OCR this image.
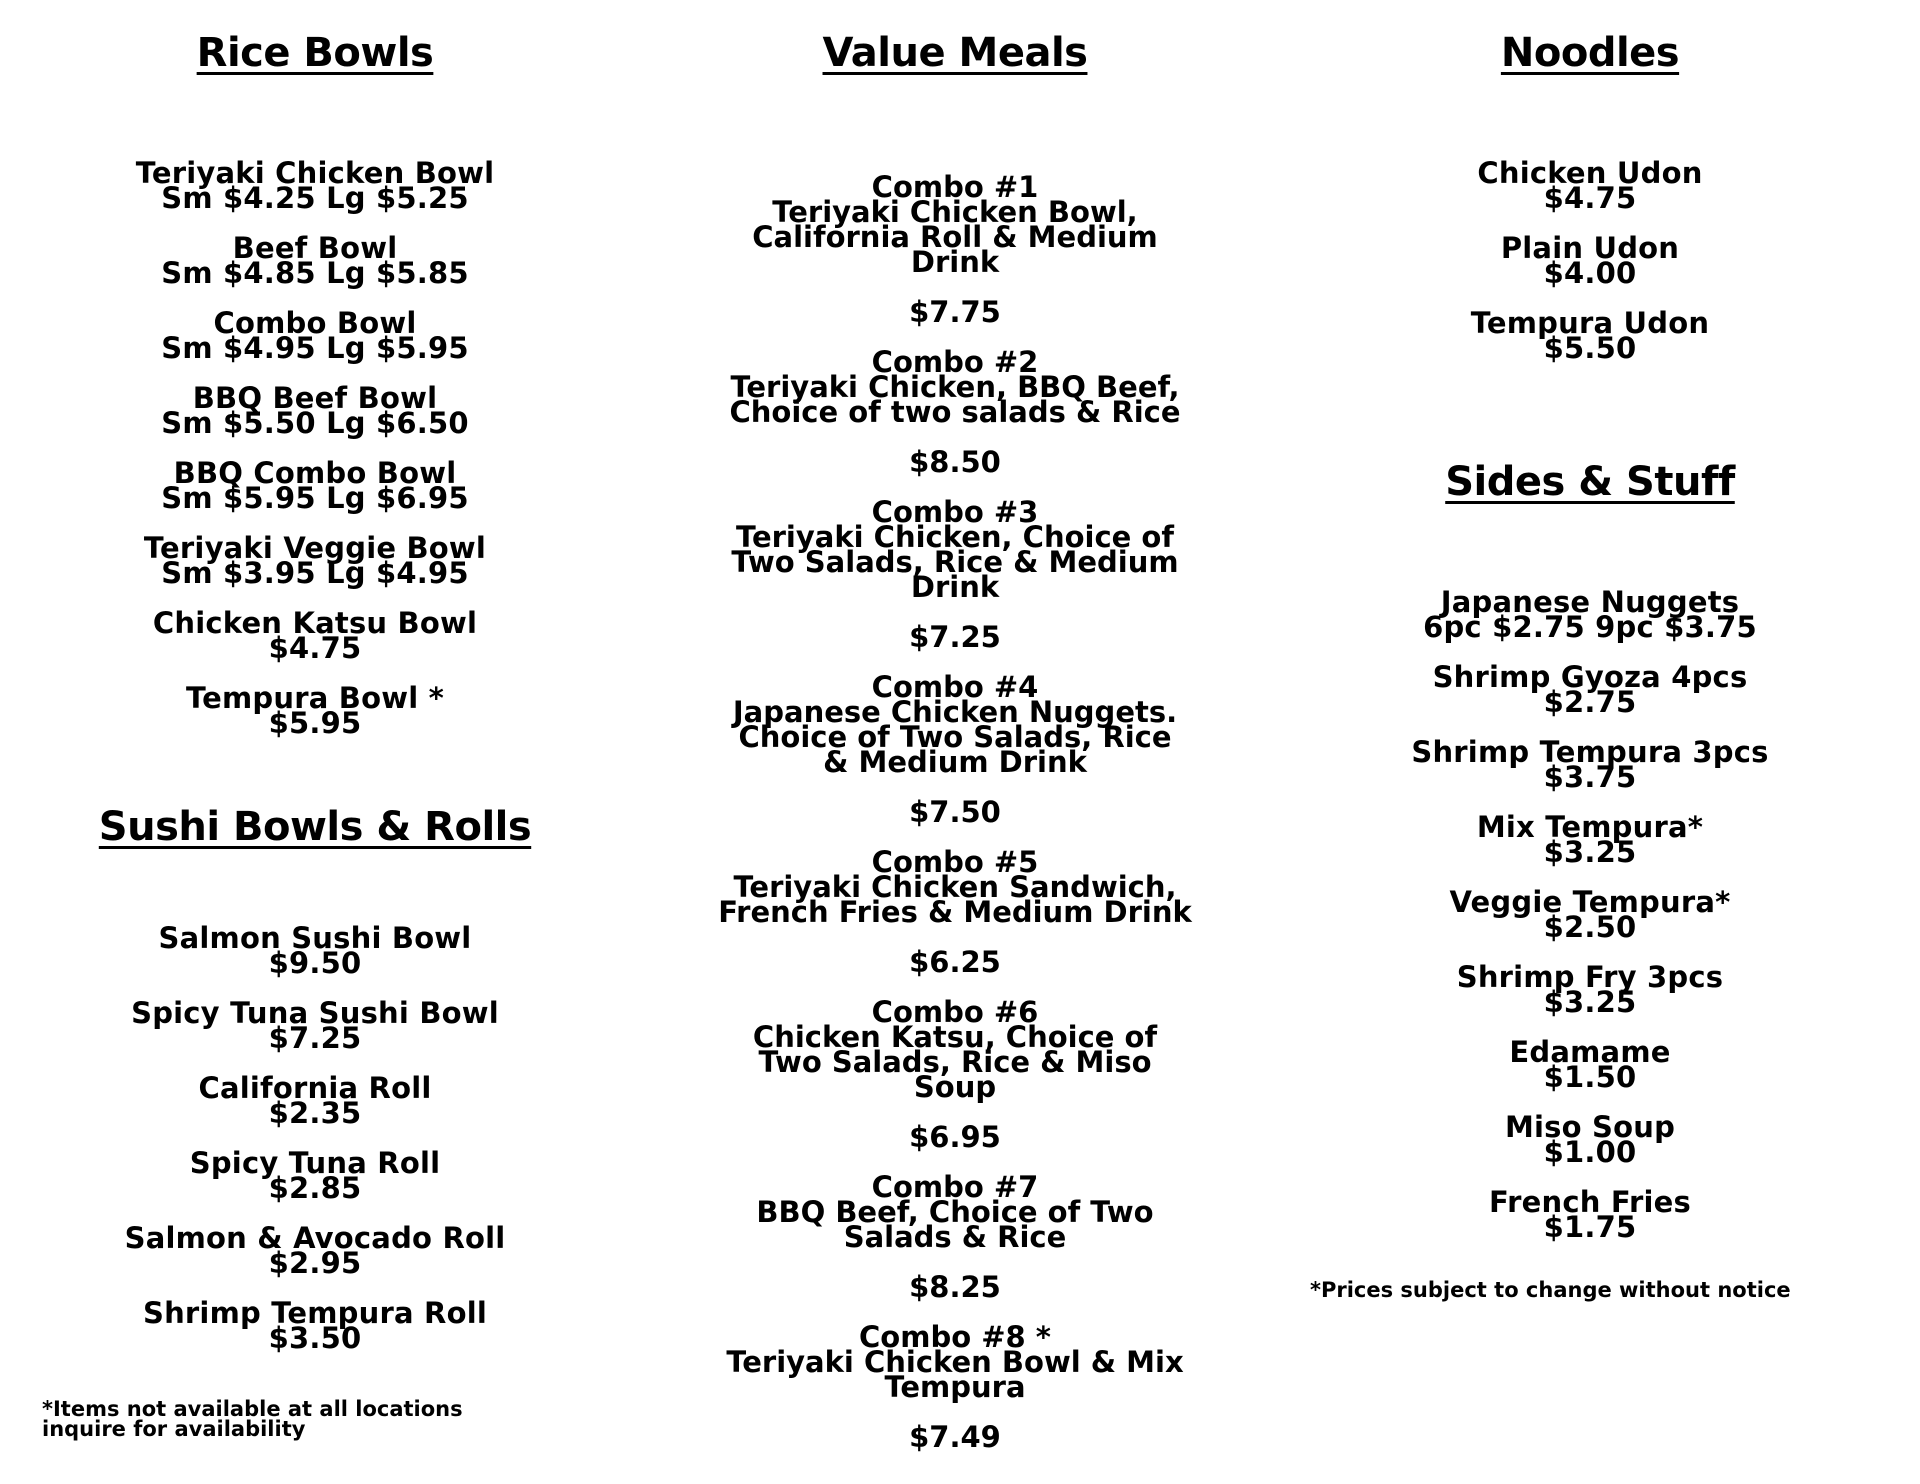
Rice Bowls
Teriyaki Chicken Bowl
Sm $4.25 Lg $5.25
Beef Bowl
Sm $4.85 Lg $5.85
Combo Bowl
Sm $4.95 Lg $5.95
BBQ Beef Bowl
Sm $5.50 Lg $6.50
BBQ Combo Bowl
Sm $5.95 Lg $6.95
Teriyaki Veggie Bowl
Sm $3.95 Lg $4.95
Chicken Katsu Bowl
$4.75
Tempura Bowl *
$5.95
Sushi Bowls & Rolls
Salmon Sushi Bowl
$9.50
Spicy Tuna Sushi Bowl
$7.25
California Roll
$2.35
Spicy Tuna Roll
$2.85
Salmon & Avocado Roll
$2.95
Shrimp Tempura Roll
$3.50
*Items not available at all locations
inquire for availability
Value Meals
Combo #1
Teriyaki Chicken Bowl,
California Roll & Medium
Drink
$7.75
Combo #2
Teriyaki Chicken, BBQ Beef,
Choice of two salads & Rice
$8.50
Combo #3
Teriyaki Chicken, Choice of
Two Salads, Rice & Medium
Drink
$7.25
Combo #4
Japanese Chicken Nuggets.
Choice of Two Salads, Rice
& Medium Drink
$7.50
Combo #5
Teriyaki Chicken Sandwich,
French Fries & Medium Drink
$6.25
Combo #6
Chicken Katsu, Choice of
Two Salads, Rice & Miso
Soup
$6.95
Combo #7
BBQ Beef, Choice of Two
Salads & Rice
$8.25
Combo #8 *
Teriyaki Chicken Bowl & Mix
Tempura
$7.49
Noodles
Chicken Udon
$4.75
Plain Udon
$4.00
Tempura Udon
$5.50
Sides & Stuff
Japanese Nuggets
6pc $2.75 9pc $3.75
Shrimp Gyoza 4pcs
$2.75
Shrimp Tempura 3pcs
$3.75
Mix Tempura*
$3.25
Veggie Tempura*
$2.50
Shrimp Fry 3pcs
$3.25
Edamame
$1.50
Miso Soup
$1.00
French Fries
$1.75
*Prices subject to change without notice
